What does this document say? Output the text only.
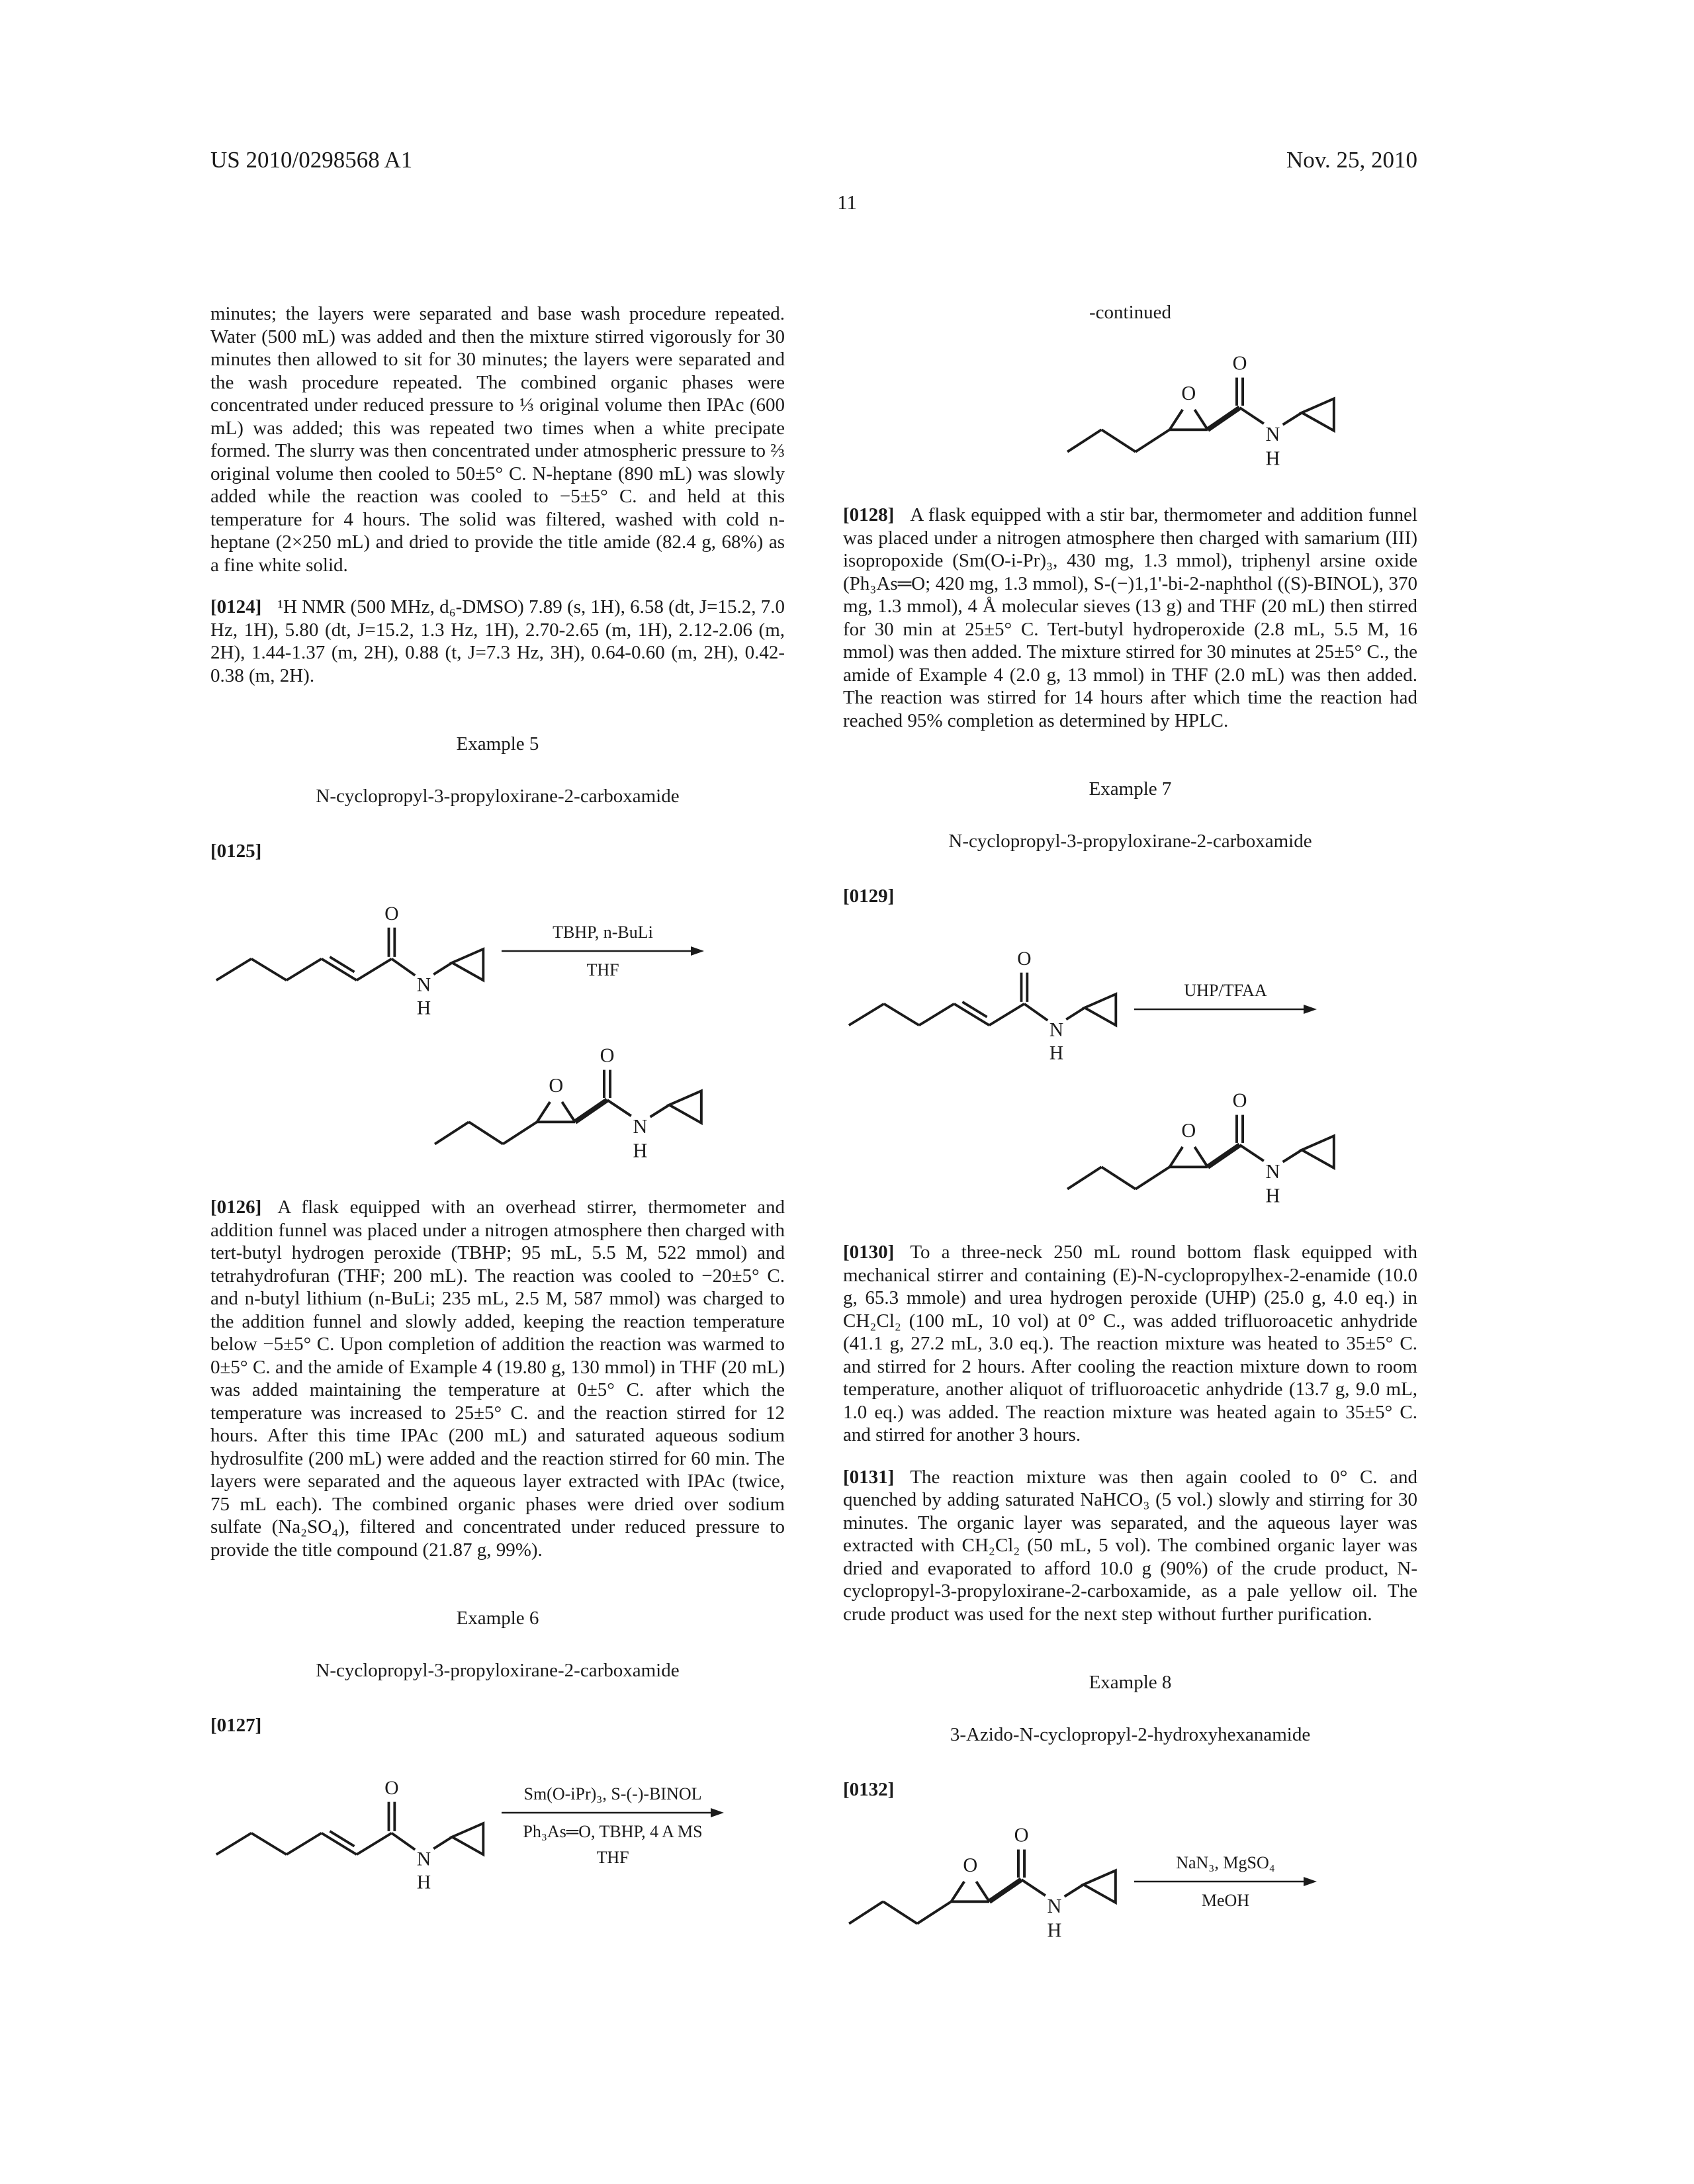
US 2010/0298568 A1	Nov. 25, 2010
11

minutes; the layers were separated and base wash procedure repeated. Water (500 mL) was added and then the mixture stirred vigorously for 30 minutes then allowed to sit for 30 minutes; the layers were separated and the wash procedure repeated. The combined organic phases were concentrated under reduced pressure to ⅓ original volume then IPAc (600 mL) was added; this was repeated two times when a white precipate formed. The slurry was then concentrated under atmospheric pressure to ⅔ original volume then cooled to 50±5° C. N-heptane (890 mL) was slowly added while the reaction was cooled to −5±5° C. and held at this temperature for 4 hours. The solid was filtered, washed with cold n-heptane (2×250 mL) and dried to provide the title amide (82.4 g, 68%) as a fine white solid.

[0124] ¹H NMR (500 MHz, d₆-DMSO) 7.89 (s, 1H), 6.58 (dt, J=15.2, 7.0 Hz, 1H), 5.80 (dt, J=15.2, 1.3 Hz, 1H), 2.70-2.65 (m, 1H), 2.12-2.06 (m, 2H), 1.44-1.37 (m, 2H), 0.88 (t, J=7.3 Hz, 3H), 0.64-0.60 (m, 2H), 0.42-0.38 (m, 2H).

Example 5
N-cyclopropyl-3-propyloxirane-2-carboxamide

[0125]

TBHP, n-BuLi
THF

[0126] A flask equipped with an overhead stirrer, thermometer and addition funnel was placed under a nitrogen atmosphere then charged with tert-butyl hydrogen peroxide (TBHP; 95 mL, 5.5 M, 522 mmol) and tetrahydrofuran (THF; 200 mL). The reaction was cooled to −20±5° C. and n-butyl lithium (n-BuLi; 235 mL, 2.5 M, 587 mmol) was charged to the addition funnel and slowly added, keeping the reaction temperature below −5±5° C. Upon completion of addition the reaction was warmed to 0±5° C. and the amide of Example 4 (19.80 g, 130 mmol) in THF (20 mL) was added maintaining the temperature at 0±5° C. after which the temperature was increased to 25±5° C. and the reaction stirred for 12 hours. After this time IPAc (200 mL) and saturated aqueous sodium hydrosulfite (200 mL) were added and the reaction stirred for 60 min. The layers were separated and the aqueous layer extracted with IPAc (twice, 75 mL each). The combined organic phases were dried over sodium sulfate (Na₂SO₄), filtered and concentrated under reduced pressure to provide the title compound (21.87 g, 99%).

Example 6
N-cyclopropyl-3-propyloxirane-2-carboxamide

[0127]

Sm(O-iPr)₃, S-(-)-BINOL
Ph₃As═O, TBHP, 4 A MS
THF
-continued

[0128] A flask equipped with a stir bar, thermometer and addition funnel was placed under a nitrogen atmosphere then charged with samarium (III) isopropoxide (Sm(O-i-Pr)₃, 430 mg, 1.3 mmol), triphenyl arsine oxide (Ph₃As═O; 420 mg, 1.3 mmol), S-(−)1,1'-bi-2-naphthol ((S)-BINOL), 370 mg, 1.3 mmol), 4 Å molecular sieves (13 g) and THF (20 mL) then stirred for 30 min at 25±5° C. Tert-butyl hydroperoxide (2.8 mL, 5.5 M, 16 mmol) was then added. The mixture stirred for 30 minutes at 25±5° C., the amide of Example 4 (2.0 g, 13 mmol) in THF (2.0 mL) was then added. The reaction was stirred for 14 hours after which time the reaction had reached 95% completion as determined by HPLC.

Example 7
N-cyclopropyl-3-propyloxirane-2-carboxamide

[0129]

UHP/TFAA

[0130] To a three-neck 250 mL round bottom flask equipped with mechanical stirrer and containing (E)-N-cyclopropylhex-2-enamide (10.0 g, 65.3 mmole) and urea hydrogen peroxide (UHP) (25.0 g, 4.0 eq.) in CH₂Cl₂ (100 mL, 10 vol) at 0° C., was added trifluoroacetic anhydride (41.1 g, 27.2 mL, 3.0 eq.). The reaction mixture was heated to 35±5° C. and stirred for 2 hours. After cooling the reaction mixture down to room temperature, another aliquot of trifluoroacetic anhydride (13.7 g, 9.0 mL, 1.0 eq.) was added. The reaction mixture was heated again to 35±5° C. and stirred for another 3 hours.

[0131] The reaction mixture was then again cooled to 0° C. and quenched by adding saturated NaHCO₃ (5 vol.) slowly and stirring for 30 minutes. The organic layer was separated, and the aqueous layer was extracted with CH₂Cl₂ (50 mL, 5 vol). The combined organic layer was dried and evaporated to afford 10.0 g (90%) of the crude product, N-cyclopropyl-3-propyloxirane-2-carboxamide, as a pale yellow oil. The crude product was used for the next step without further purification.

Example 8
3-Azido-N-cyclopropyl-2-hydroxyhexanamide

[0132]

NaN₃, MgSO₄
MeOH
